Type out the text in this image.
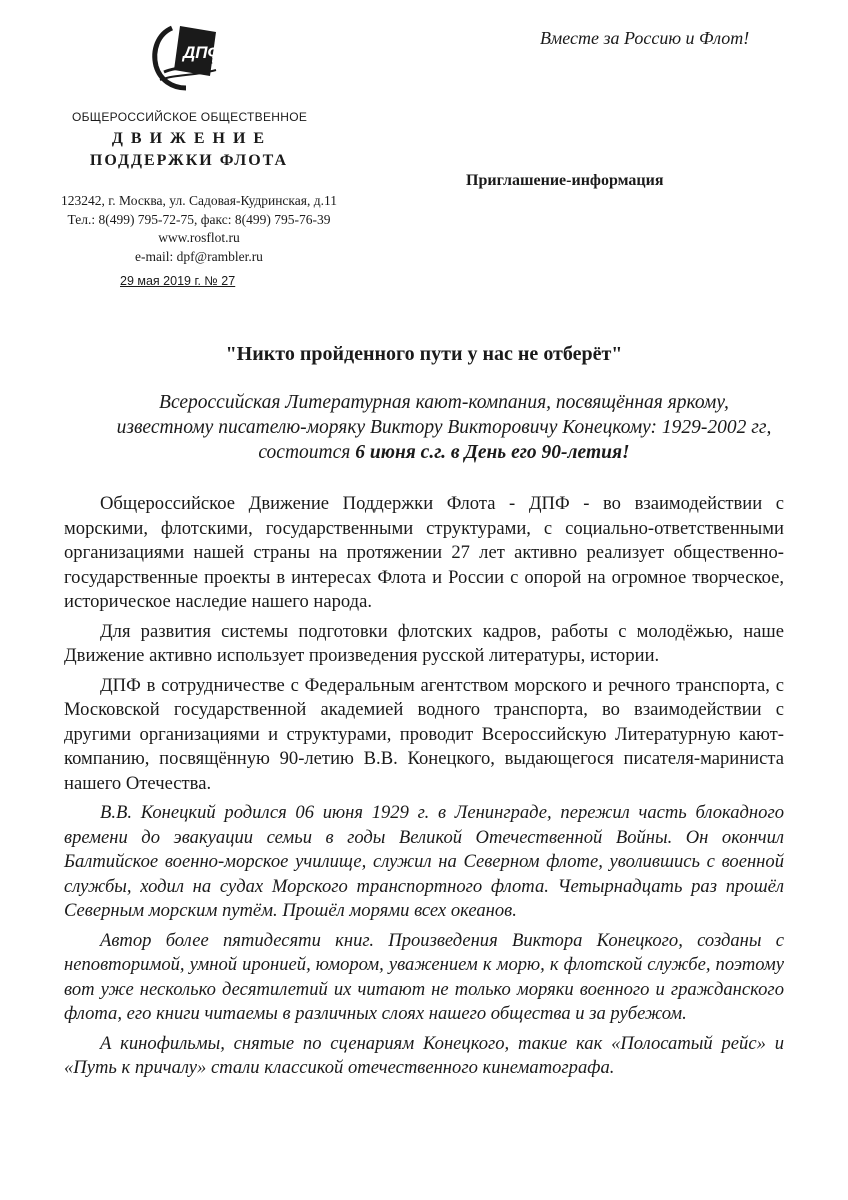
ДПФ
Вместе за Россию и Флот!
ОБЩЕРОССИЙСКОЕ ОБЩЕСТВЕННОЕ
Д В И Ж Е Н И Е
ПОДДЕРЖКИ ФЛОТА
123242, г. Москва, ул. Садовая-Кудринская, д.11
Тел.: 8(499) 795-72-75, факс: 8(499) 795-76-39
www.rosflot.ru
e-mail: dpf@rambler.ru
29 мая 2019 г. № 27
Приглашение-информация
"Никто пройденного пути у нас не отберёт"
Всероссийская Литературная кают-компания, посвящённая яркому,
известному писателю-моряку Виктору Викторовичу Конецкому: 1929-2002 гг,
состоится 6 июня с.г. в День его 90-летия!

Общероссийское Движение Поддержки Флота - ДПФ - во взаимодействии с морскими, флотскими, государственными структурами, с социально-ответственными организациями нашей страны на протяжении 27 лет активно реализует общественно-государственные проекты в интересах Флота и России с опорой на огромное творческое, историческое наследие нашего народа.

Для развития системы подготовки флотских кадров, работы с молодёжью, наше Движение активно использует произведения русской литературы, истории.

ДПФ в сотрудничестве с Федеральным агентством морского и речного транспорта, с Московской государственной академией водного транспорта, во взаимодействии с другими организациями и структурами, проводит Всероссийскую Литературную кают-компанию, посвящённую 90-летию В.В. Конецкого, выдающегося писателя-мариниста нашего Отечества.

В.В. Конецкий родился 06 июня 1929 г. в Ленинграде, пережил часть блокадного времени до эвакуации семьи в годы Великой Отечественной Войны. Он окончил Балтийское военно-морское училище, служил на Северном флоте, уволившись с военной службы, ходил на судах Морского транспортного флота. Четырнадцать раз прошёл Северным морским путём. Прошёл морями всех океанов.

Автор более пятидесяти книг. Произведения Виктора Конецкого, созданы с неповторимой, умной иронией, юмором, уважением к морю, к флотской службе, поэтому вот уже несколько десятилетий их читают не только моряки военного и гражданского флота, его книги читаемы в различных слоях нашего общества и за рубежом.

А кинофильмы, снятые по сценариям Конецкого, такие как «Полосатый рейс» и «Путь к причалу» стали классикой отечественного кинематографа.
